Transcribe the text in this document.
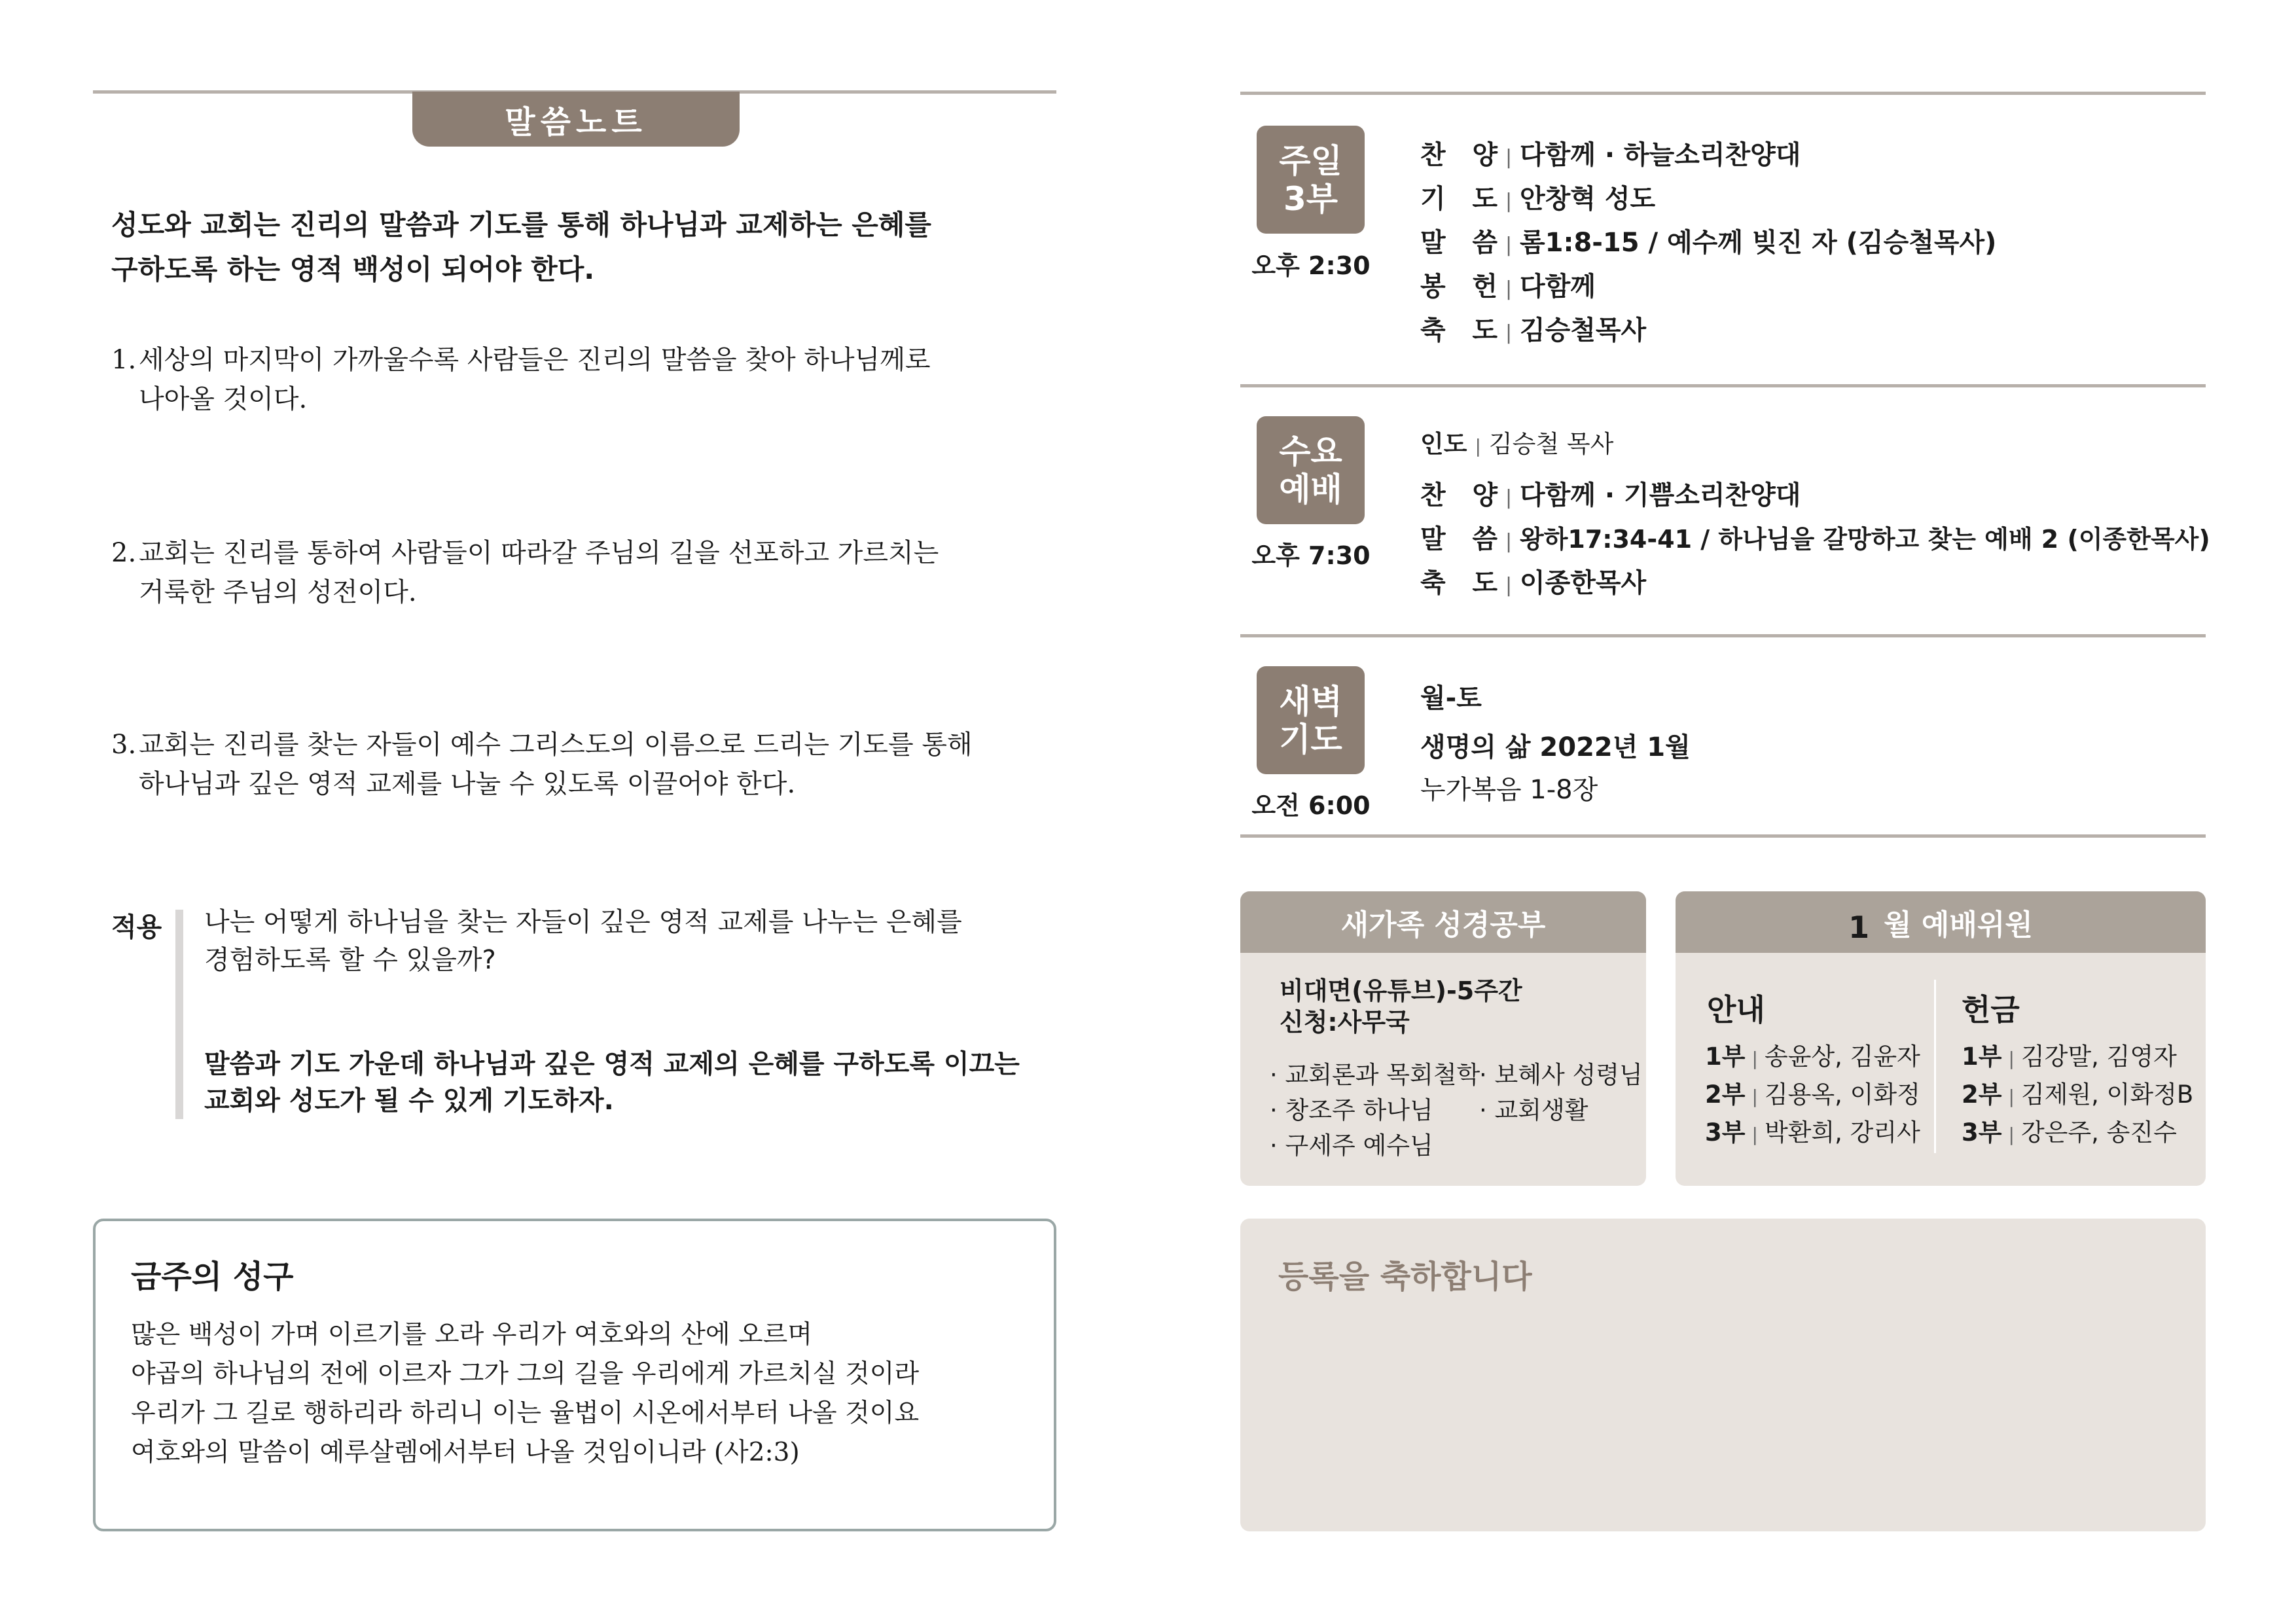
말씀노트
성도와 교회는 진리의 말씀과 기도를 통해 하나님과 교제하는 은혜를
구하도록 하는 영적 백성이 되어야 한다.
1. 세상의 마지막이 가까울수록 사람들은 진리의 말씀을 찾아 하나님께로
나아올 것이다.
2. 교회는 진리를 통하여 사람들이 따라갈 주님의 길을 선포하고 가르치는
거룩한 주님의 성전이다.
3. 교회는 진리를 찾는 자들이 예수 그리스도의 이름으로 드리는 기도를 통해
하나님과 깊은 영적 교제를 나눌 수 있도록 이끌어야 한다.
적용 나는 어떻게 하나님을 찾는 자들이 깊은 영적 교제를 나누는 은혜를
경험하도록 할 수 있을까?
말씀과 기도 가운데 하나님과 깊은 영적 교제의 은혜를 구하도록 이끄는
교회와 성도가 될 수 있게 기도하자.
금주의 성구
많은 백성이 가며 이르기를 오라 우리가 여호와의 산에 오르며
야곱의 하나님의 전에 이르자 그가 그의 길을 우리에게 가르치실 것이라
우리가 그 길로 행하리라 하리니 이는 율법이 시온에서부터 나올 것이요
여호와의 말씀이 예루살렘에서부터 나올 것임이니라 (사2:3)
주일
3부
오후 2:30
찬 양 | 다함께 · 하늘소리찬양대
기 도 | 안창혁 성도
말 씀 | 롬1:8-15 / 예수께 빚진 자 (김승철목사)
봉 헌 | 다함께
축 도 | 김승철목사
수요
예배
오후 7:30
인도 | 김승철 목사
찬 양 | 다함께 · 기쁨소리찬양대
말 씀 | 왕하17:34-41 / 하나님을 갈망하고 찾는 예배 2 (이종한목사)
축 도 | 이종한목사
새벽
기도
오전 6:00
월-토
생명의 삶 2022년 1월
누가복음 1-8장
새가족 성경공부
비대면(유튜브)-5주간
신청:사무국
· 교회론과 목회철학
· 보혜사 성령님
· 창조주 하나님 · 교회생활
· 구세주 예수님
1 월 예배위원
안내
1부 | 송윤상, 김윤자
2부 | 김용옥, 이화정
3부 | 박환희, 강리사
헌금
1부 | 김강말, 김영자
2부 | 김제원, 이화정B
3부 | 강은주, 송진수
등록을 축하합니다
